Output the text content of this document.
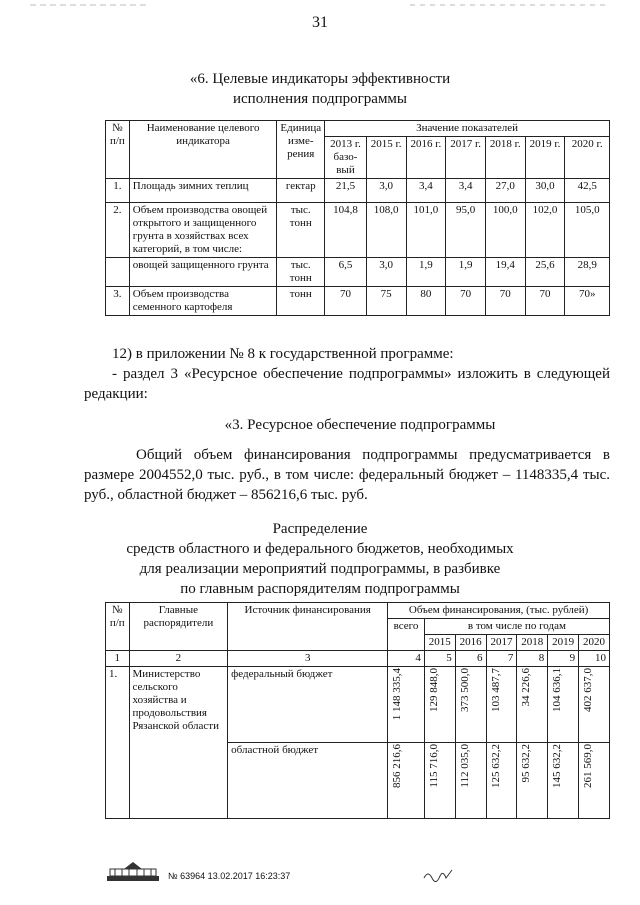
31
«6. Целевые индикаторы эффективности
исполнения подпрограммы
№ п/п	Наименование целевого индикатора	Единица изме-рения	Значение показателей						
			2013 г. базо-вый	2015 г.	2016 г.	2017 г.	2018 г.	2019 г.	2020 г.
1.	Площадь зимних теплиц	гектар	21,5	3,0	3,4	3,4	27,0	30,0	42,5
2.	Объем производства овощей открытого и защищенного грунта в хозяйствах всех категорий, в том числе:	тыс. тонн	104,8	108,0	101,0	95,0	100,0	102,0	105,0
	овощей защищенного грунта	тыс. тонн	6,5	3,0	1,9	1,9	19,4	25,6	28,9
3.	Объем производства семенного картофеля	тонн	70	75	80	70	70	70	70»
12) в приложении № 8 к государственной программе:
- раздел 3 «Ресурсное обеспечение подпрограммы» изложить в следующей редакции:
«3. Ресурсное обеспечение подпрограммы
Общий объем финансирования подпрограммы предусматривается в размере 2004552,0 тыс. руб., в том числе: федеральный бюджет – 1148335,4 тыс. руб., областной бюджет – 856216,6 тыс. руб.
Распределение
средств областного и федерального бюджетов, необходимых
для реализации мероприятий подпрограммы, в разбивке
по главным распорядителям подпрограммы
№ п/п	Главные распорядители	Источник финансирования	Объем финансирования, (тыс. рублей)						
			всего	в том числе по годам					
				2015	2016	2017	2018	2019	2020
1	2	3	4	5	6	7	8	9	10
1.	Министерство сельского хозяйства и продовольствия Рязанской области	федеральный бюджет	1 148 335,4	129 848,0	373 500,0	103 487,7	34 226,6	104 636,1	402 637,0

		областной бюджет	856 216,6	115 716,0	112 035,0	125 632,2	95 632,2	145 632,2	261 569,0
№ 63964 13.02.2017 16:23:37
